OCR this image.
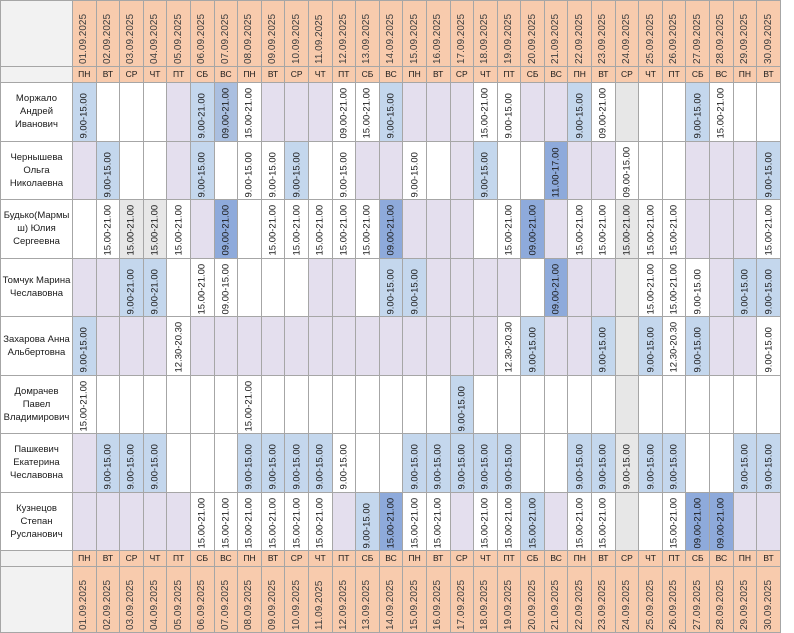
	01.09.2025	02.09.2025	03.09.2025	04.09.2025	05.09.2025	06.09.2025	07.09.2025	08.09.2025	09.09.2025	10.09.2025	11.09.2025	12.09.2025	13.09.2025	14.09.2025	15.09.2025	16.09.2025	17.09.2025	18.09.2025	19.09.2025	20.09.2025	21.09.2025	22.09.2025	23.09.2025	24.09.2025	25.09.2025	26.09.2025	27.09.2025	28.09.2025	29.09.2025	30.09.2025

	ПН	ВТ	СР	ЧТ	ПТ	СБ	ВС	ПН	ВТ	СР	ЧТ	ПТ	СБ	ВС	ПН	ВТ	СР	ЧТ	ПТ	СБ	ВС	ПН	ВТ	СР	ЧТ	ПТ	СБ	ВС	ПН	ВТ

Моржало Андрей Иванович	9.00-15.00					9.00-21.00	09.00-21.00	15.00-21.00				09.00-21.00	15.00-21.00	9.00-15.00				15.00-21.00	9.00-15.00			9.00-15.00	09.00-21.00				9.00-15.00	15.00-21.00		

Чернышева Ольга Николаевна		9.00-15.00				9.00-15.00		9.00-15.00	9.00-15.00	9.00-15.00		9.00-15.00			9.00-15.00			9.00-15.00			11.00-17.00			09.00-15.00						9.00-15.00

Будько(Мармыш) Юлия Сергеевна		15.00-21.00	15.00-21.00	15.00-21.00	15.00-21.00		09.00-21.00		15.00-21.00	15.00-21.00	15.00-21.00	15.00-21.00	15.00-21.00	09.00-21.00					15.00-21.00	09.00-21.00		15.00-21.00	15.00-21.00	15.00-21.00	15.00-21.00	15.00-21.00				15.00-21.00

Томчук Марина Чеславовна			9.00-21.00	9.00-21.00		15.00-21.00	09.00-15.00							9.00-15.00	9.00-15.00						09.00-21.00				15.00-21.00	15.00-21.00	9.00-15.00		9.00-15.00	9.00-15.00

Захарова Анна Альбертовна	9.00-15.00				12.30-20.30														12.30-20.30	9.00-15.00			9.00-15.00		9.00-15.00	12.30-20.30	9.00-15.00			9.00-15.00

Домрачев Павел Владимирович	15.00-21.00							15.00-21.00									9.00-15.00													

Пашкевич Екатерина Чеславовна		9.00-15.00	9.00-15.00	9.00-15.00				9.00-15.00	9.00-15.00	9.00-15.00	9.00-15.00	9.00-15.00			9.00-15.00	9.00-15.00	9.00-15.00	9.00-15.00	9.00-15.00			9.00-15.00	9.00-15.00	9.00-15.00	9.00-15.00	9.00-15.00			9.00-15.00	9.00-15.00

Кузнецов Степан Русланович						15.00-21.00	15.00-21.00	15.00-21.00	15.00-21.00	15.00-21.00	15.00-21.00		9.00-15.00	15.00-21.00	15.00-21.00	15.00-21.00		15.00-21.00	15.00-21.00	15.00-21.00		15.00-21.00	15.00-21.00			15.00-21.00	09.00-21.00	09.00-21.00		

	ПН	ВТ	СР	ЧТ	ПТ	СБ	ВС	ПН	ВТ	СР	ЧТ	ПТ	СБ	ВС	ПН	ВТ	СР	ЧТ	ПТ	СБ	ВС	ПН	ВТ	СР	ЧТ	ПТ	СБ	ВС	ПН	ВТ

	01.09.2025	02.09.2025	03.09.2025	04.09.2025	05.09.2025	06.09.2025	07.09.2025	08.09.2025	09.09.2025	10.09.2025	11.09.2025	12.09.2025	13.09.2025	14.09.2025	15.09.2025	16.09.2025	17.09.2025	18.09.2025	19.09.2025	20.09.2025	21.09.2025	22.09.2025	23.09.2025	24.09.2025	25.09.2025	26.09.2025	27.09.2025	28.09.2025	29.09.2025	30.09.2025
